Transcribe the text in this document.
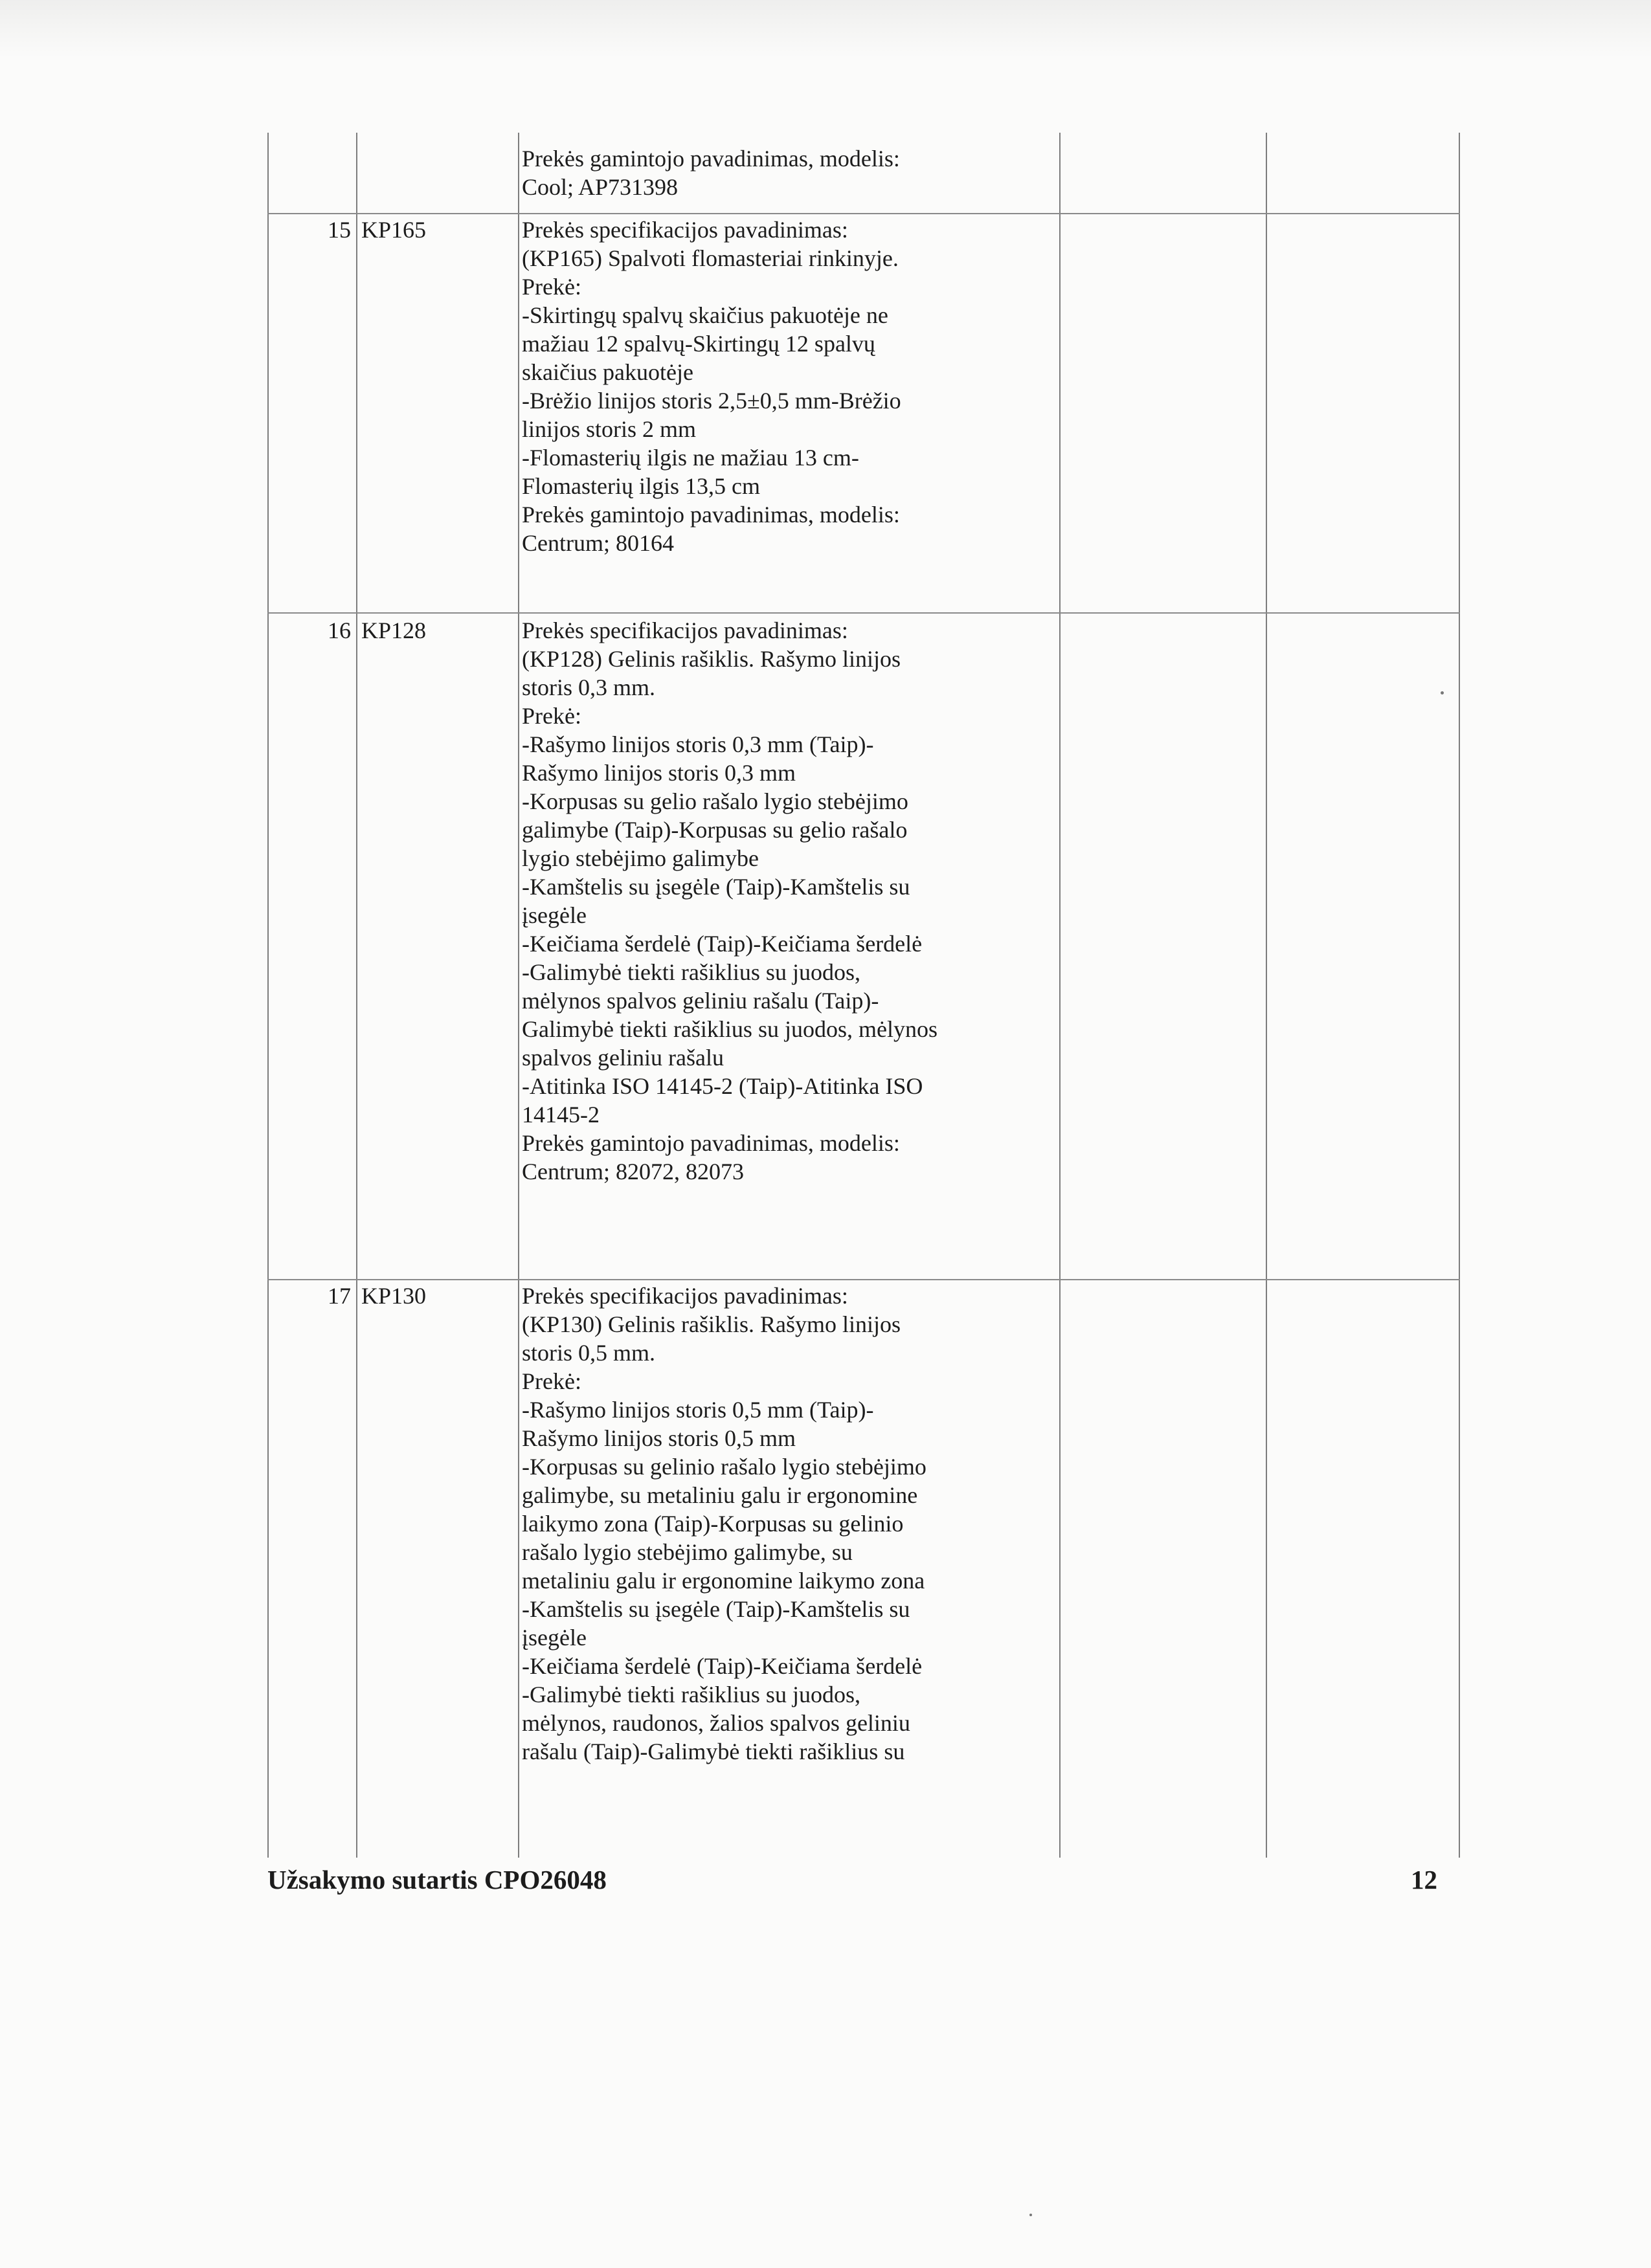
Prekės gamintojo pavadinimas, modelis:

Cool; AP731398

15 KP165	Prekės specifikacijos pavadinimas:

(KP165) Spalvoti flomasteriai rinkinyje.

Prekė:

-Skirtingų spalvų skaičius pakuotėje ne

mažiau 12 spalvų-Skirtingų 12 spalvų

skaičius pakuotėje

-Brėžio linijos storis 2,5±0,5 mm-Brėžio

linijos storis 2 mm

-Flomasterių ilgis ne mažiau 13 cm-

Flomasterių ilgis 13,5 cm

Prekės gamintojo pavadinimas, modelis:

Centrum; 80164

16 KP128	Prekės specifikacijos pavadinimas:

(KP128) Gelinis rašiklis. Rašymo linijos

storis 0,3 mm.

Prekė:

-Rašymo linijos storis 0,3 mm (Taip)-

Rašymo linijos storis 0,3 mm

-Korpusas su gelio rašalo lygio stebėjimo

galimybe (Taip)-Korpusas su gelio rašalo

lygio stebėjimo galimybe

-Kamštelis su įsegėle (Taip)-Kamštelis su

įsegėle

-Keičiama šerdelė (Taip)-Keičiama šerdelė

-Galimybė tiekti rašiklius su juodos,

mėlynos spalvos geliniu rašalu (Taip)-

Galimybė tiekti rašiklius su juodos, mėlynos

spalvos geliniu rašalu

-Atitinka ISO 14145-2 (Taip)-Atitinka ISO

14145-2

Prekės gamintojo pavadinimas, modelis:

Centrum; 82072, 82073

17 KP130	Prekės specifikacijos pavadinimas:

(KP130) Gelinis rašiklis. Rašymo linijos

storis 0,5 mm.

Prekė:

-Rašymo linijos storis 0,5 mm (Taip)-

Rašymo linijos storis 0,5 mm

-Korpusas su gelinio rašalo lygio stebėjimo

galimybe, su metaliniu galu ir ergonomine

laikymo zona (Taip)-Korpusas su gelinio

rašalo lygio stebėjimo galimybe, su

metaliniu galu ir ergonomine laikymo zona

-Kamštelis su įsegėle (Taip)-Kamštelis su

įsegėle

-Keičiama šerdelė (Taip)-Keičiama šerdelė

-Galimybė tiekti rašiklius su juodos,

mėlynos, raudonos, žalios spalvos geliniu

rašalu (Taip)-Galimybė tiekti rašiklius su

Užsakymo sutartis CPO26048	12
